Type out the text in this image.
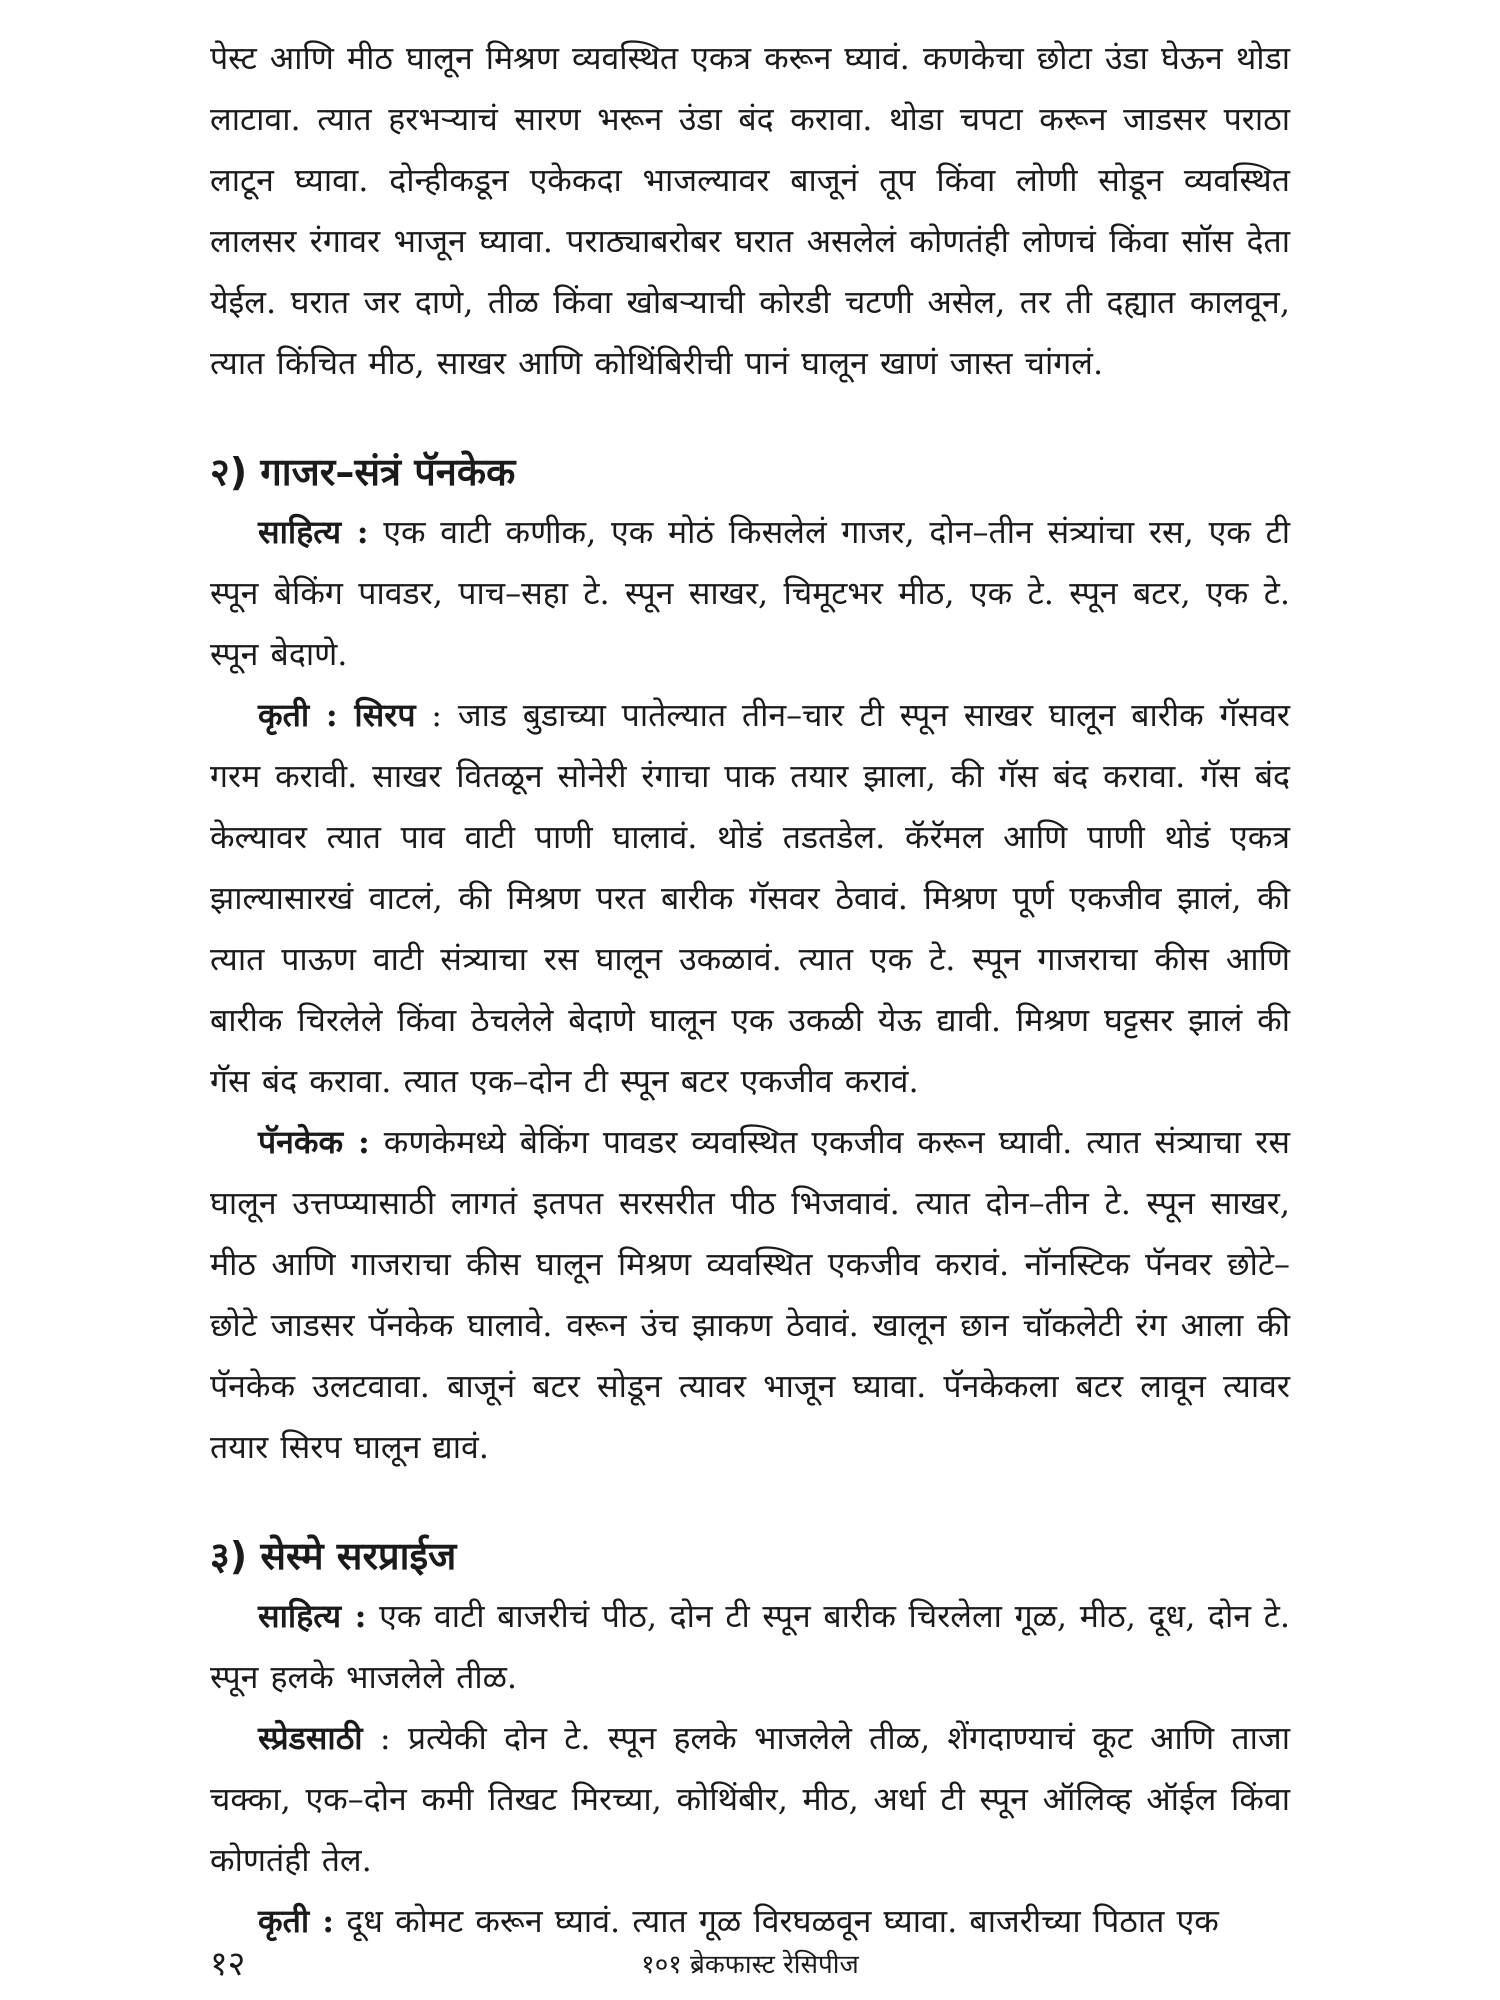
पेस्ट आणि मीठ घालून मिश्रण व्यवस्थित एकत्र करून घ्यावं. कणकेचा छोटा उंडा घेऊन थोडा लाटावा. त्यात हरभऱ्याचं सारण भरून उंडा बंद करावा. थोडा चपटा करून जाडसर पराठा लाटून घ्यावा. दोन्हीकडून एकेकदा भाजल्यावर बाजूनं तूप किंवा लोणी सोडून व्यवस्थित लालसर रंगावर भाजून घ्यावा. पराठ्याबरोबर घरात असलेलं कोणतंही लोणचं किंवा सॉस देता येईल. घरात जर दाणे, तीळ किंवा खोबऱ्याची कोरडी चटणी असेल, तर ती दह्यात कालवून, त्यात किंचित मीठ, साखर आणि कोथिंबिरीची पानं घालून खाणं जास्त चांगलं.

२) गाजर–संत्रं पॅनकेक

साहित्य : एक वाटी कणीक, एक मोठं किसलेलं गाजर, दोन–तीन संत्र्यांचा रस, एक टी स्पून बेकिंग पावडर, पाच–सहा टे. स्पून साखर, चिमूटभर मीठ, एक टे. स्पून बटर, एक टे. स्पून बेदाणे.

कृती : सिरप : जाड बुडाच्या पातेल्यात तीन–चार टी स्पून साखर घालून बारीक गॅसवर गरम करावी. साखर वितळून सोनेरी रंगाचा पाक तयार झाला, की गॅस बंद करावा. गॅस बंद केल्यावर त्यात पाव वाटी पाणी घालावं. थोडं तडतडेल. कॅरॅमल आणि पाणी थोडं एकत्र झाल्यासारखं वाटलं, की मिश्रण परत बारीक गॅसवर ठेवावं. मिश्रण पूर्ण एकजीव झालं, की त्यात पाऊण वाटी संत्र्याचा रस घालून उकळावं. त्यात एक टे. स्पून गाजराचा कीस आणि बारीक चिरलेले किंवा ठेचलेले बेदाणे घालून एक उकळी येऊ द्यावी. मिश्रण घट्टसर झालं की गॅस बंद करावा. त्यात एक–दोन टी स्पून बटर एकजीव करावं.

पॅनकेक : कणकेमध्ये बेकिंग पावडर व्यवस्थित एकजीव करून घ्यावी. त्यात संत्र्याचा रस घालून उत्तप्प्यासाठी लागतं इतपत सरसरीत पीठ भिजवावं. त्यात दोन–तीन टे. स्पून साखर, मीठ आणि गाजराचा कीस घालून मिश्रण व्यवस्थित एकजीव करावं. नॉनस्टिक पॅनवर छोटे–छोटे जाडसर पॅनकेक घालावे. वरून उंच झाकण ठेवावं. खालून छान चॉकलेटी रंग आला की पॅनकेक उलटवावा. बाजूनं बटर सोडून त्यावर भाजून घ्यावा. पॅनकेकला बटर लावून त्यावर तयार सिरप घालून द्यावं.

३) सेस्मे सरप्राईज

साहित्य : एक वाटी बाजरीचं पीठ, दोन टी स्पून बारीक चिरलेला गूळ, मीठ, दूध, दोन टे. स्पून हलके भाजलेले तीळ.

स्प्रेडसाठी : प्रत्येकी दोन टे. स्पून हलके भाजलेले तीळ, शेंगदाण्याचं कूट आणि ताजा चक्का, एक–दोन कमी तिखट मिरच्या, कोथिंबीर, मीठ, अर्धा टी स्पून ऑलिव्ह ऑईल किंवा कोणतंही तेल.

कृती : दूध कोमट करून घ्यावं. त्यात गूळ विरघळवून घ्यावा. बाजरीच्या पिठात एक

१२	१०१ ब्रेकफास्ट रेसिपीज
